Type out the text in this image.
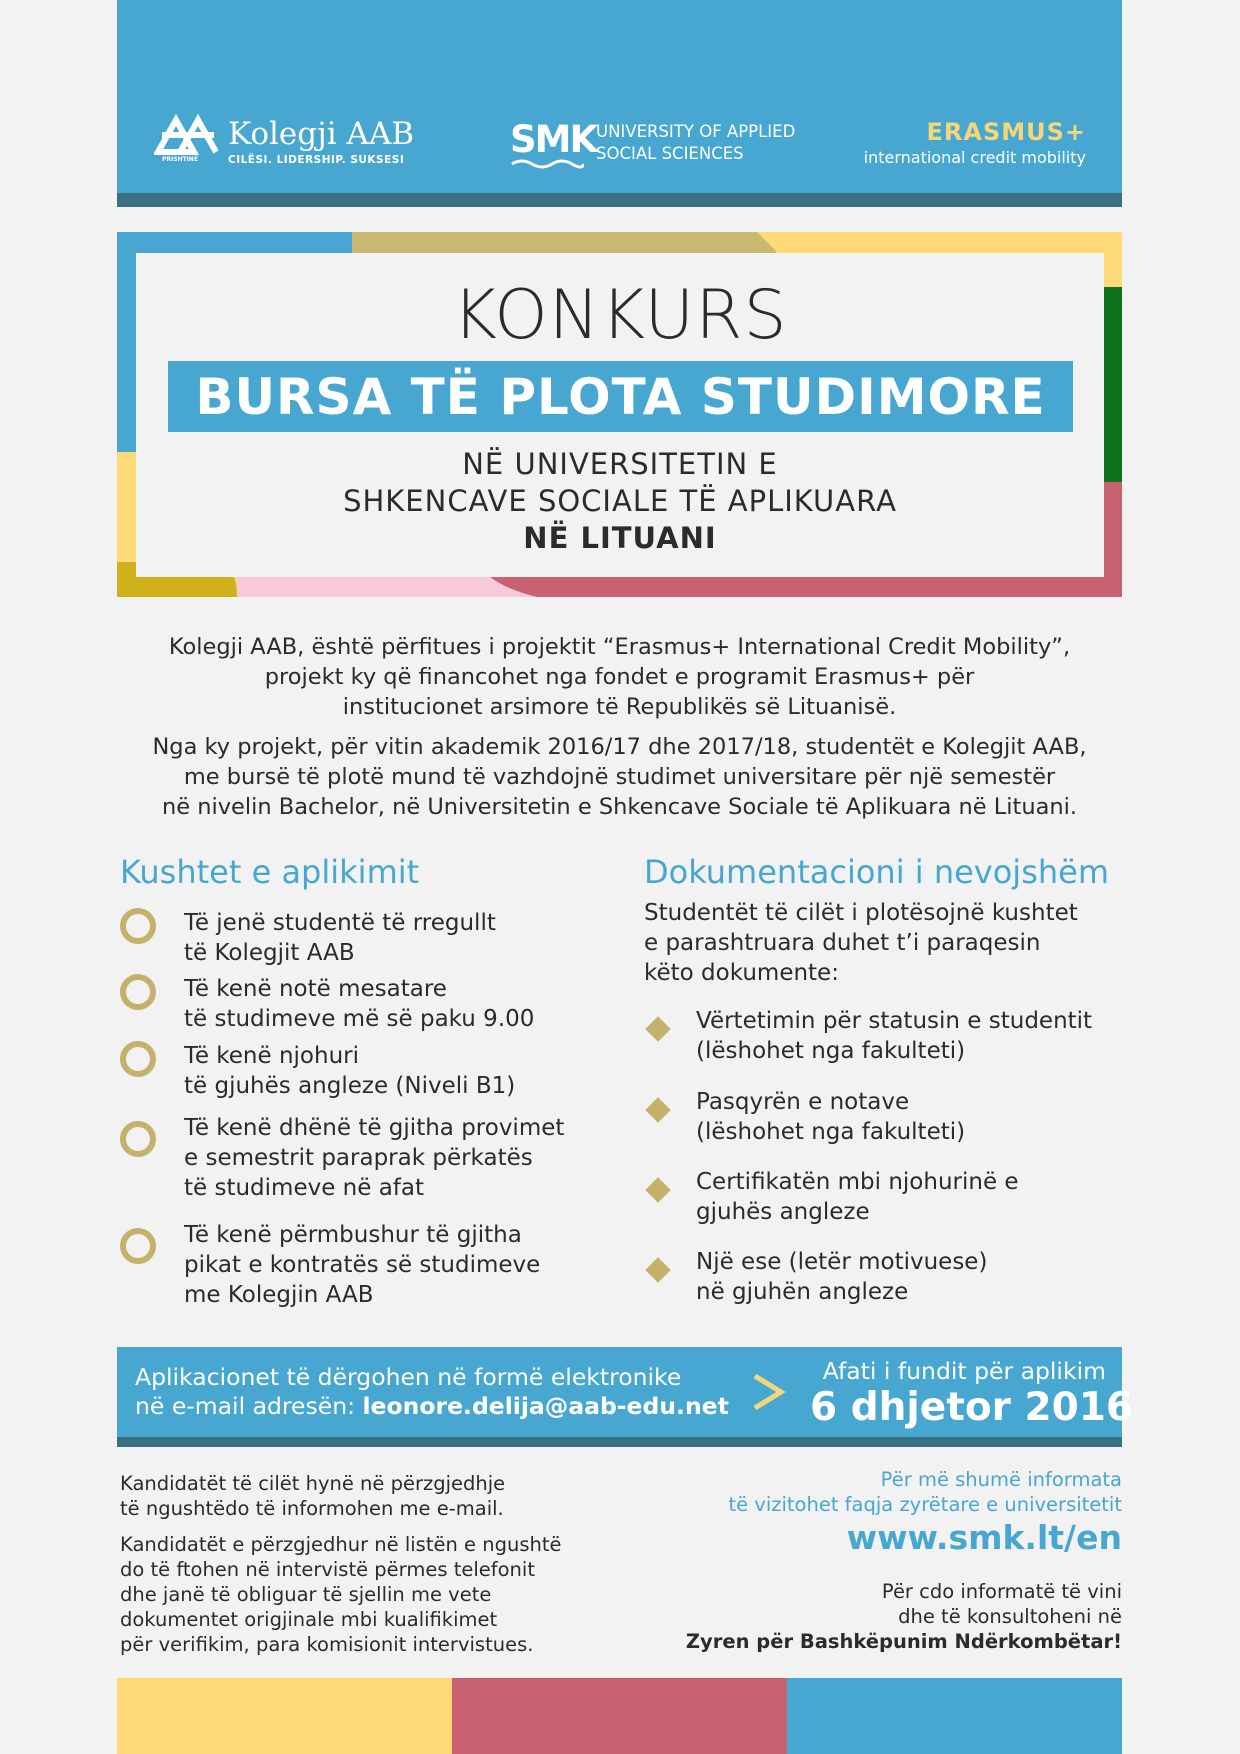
PRISHTINË
Kolegji AAB
CILËSI. LIDERSHIP. SUKSESI	SMK UNIVERSITY OF APPLIED
SOCIAL SCIENCES
ERASMUS+
international credit mobility
KONKURS
BURSA TË PLOTA STUDIMORE
NË UNIVERSITETIN E
SHKENCAVE SOCIALE TË APLIKUARA
NË LITUANI
Kolegji AAB, është përfitues i projektit “Erasmus+ International Credit Mobility”,
projekt ky që financohet nga fondet e programit Erasmus+ për
institucionet arsimore të Republikës së Lituanisë.
Nga ky projekt, për vitin akademik 2016/17 dhe 2017/18, studentët e Kolegjit AAB,
me bursë të plotë mund të vazhdojnë studimet universitare për një semestër
në nivelin Bachelor, në Universitetin e Shkencave Sociale të Aplikuara në Lituani.
Kushtet e aplikimit
Të jenë studentë të rregullt
të Kolegjit AAB
Të kenë notë mesatare
të studimeve më së paku 9.00
Të kenë njohuri
të gjuhës angleze (Niveli B1)
Të kenë dhënë të gjitha provimet
e semestrit paraprak përkatës
të studimeve në afat
Të kenë përmbushur të gjitha
pikat e kontratës së studimeve
me Kolegjin AAB
Dokumentacioni i nevojshëm
Studentët të cilët i plotësojnë kushtet
e parashtruara duhet t’i paraqesin
këto dokumente:
Vërtetimin për statusin e studentit
(lëshohet nga fakulteti)
Pasqyrën e notave
(lëshohet nga fakulteti)
Certifikatën mbi njohurinë e
gjuhës angleze
Një ese (letër motivuese)
në gjuhën angleze
Aplikacionet të dërgohen në formë elektronike
në e-mail adresën: leonore.delija@aab-edu.net
Afati i fundit për aplikim
6 dhjetor 2016
Kandidatët të cilët hynë në përzgjedhje
të ngushtëdo të informohen me e-mail.
Kandidatët e përzgjedhur në listën e ngushtë
do të ftohen në intervistë përmes telefonit
dhe janë të obliguar të sjellin me vete
dokumentet origjinale mbi kualifikimet
për verifikim, para komisionit intervistues.
Për më shumë informata
të vizitohet faqja zyrëtare e universitetit
www.smk.lt/en
Për cdo informatë të vini
dhe të konsultoheni në
Zyren për Bashkëpunim Ndërkombëtar!
